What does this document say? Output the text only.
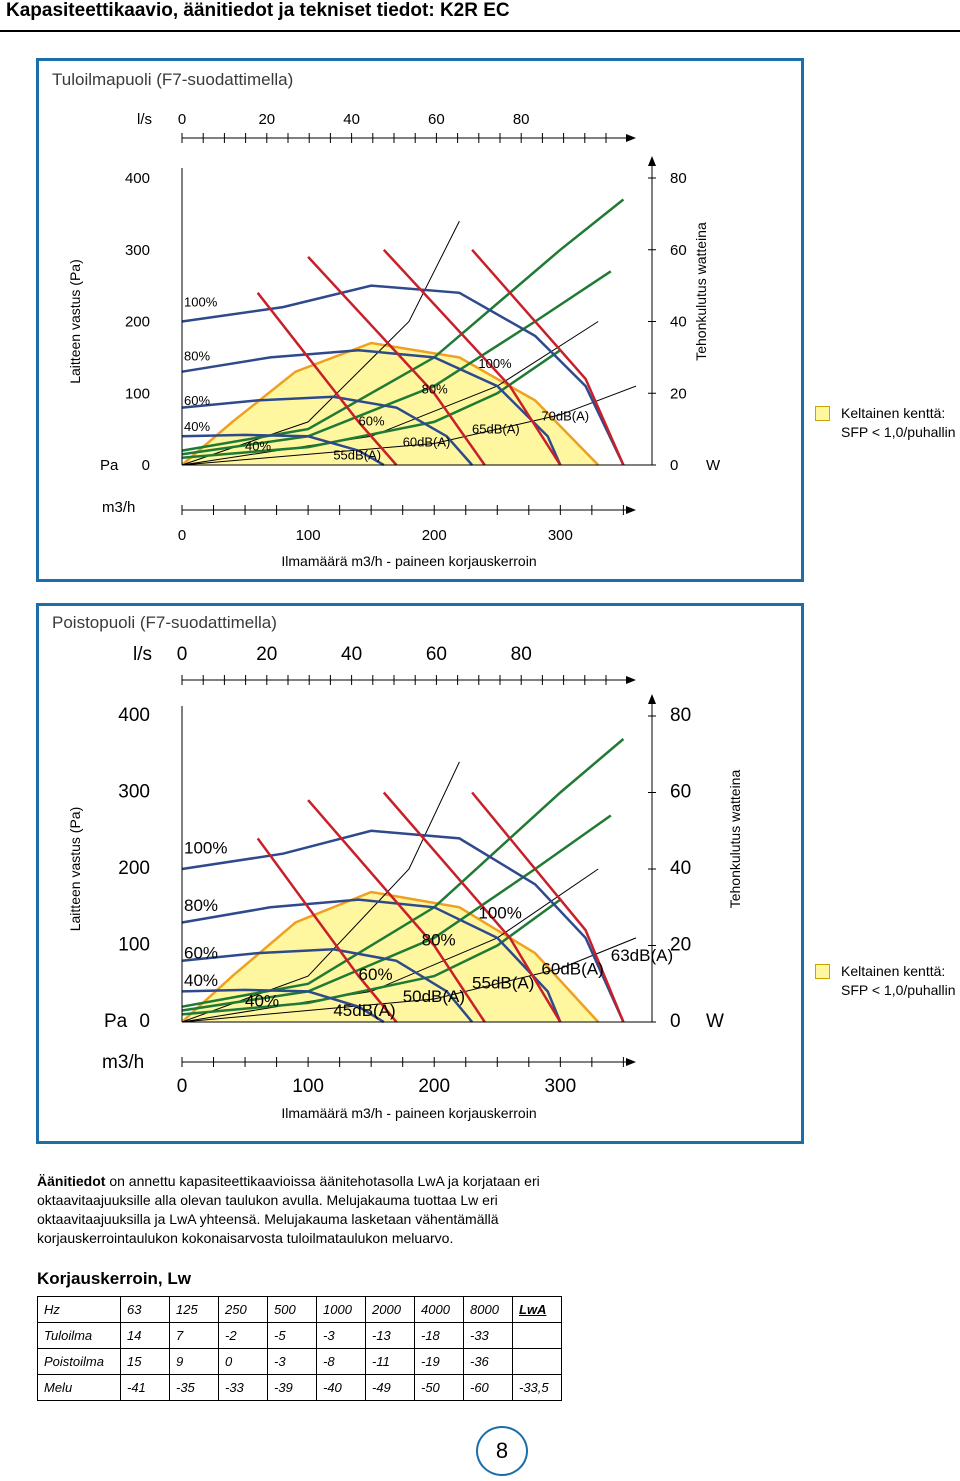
Kapasiteettikaavio, äänitiedot ja tekniset tiedot: K2R EC
Tuloilmapuoli (F7-suodattimella)
0
100
200
300
400
Pa
Laitteen vastus (Pa)
0
20
40
60
80
W
Tehonkulutus watteina
0	20	40	60	80
l/s
0	100	200	300
m3/h
Ilmamäärä m3/h - paineen korjauskerroin
100%
80%
60%
40%
40%
60%
80%
100%
55dB(A)
60dB(A)
65dB(A)
70dB(A)	Keltainen kenttä:
SFP < 1,0/puhallin
Poistopuoli (F7-suodattimella)
0
100
200
300
400
Pa
Laitteen vastus (Pa)
0
20
40
60
80
W
Tehonkulutus watteina
0	20	40	60	80
l/s
0	100	200	300
m3/h
Ilmamäärä m3/h - paineen korjauskerroin
100%
80%
60%
40%
40%
60%
80%
100%
45dB(A)
50dB(A)
55dB(A)
60dB(A)
63dB(A)
Keltainen kenttä:
SFP < 1,0/puhallin
Äänitiedot on annettu kapasiteettikaavioissa äänitehotasolla LwA ja korjataan eri oktaavitaajuuksille alla olevan taulukon avulla. Melujakauma tuottaa Lw eri oktaavitaajuuksilla ja LwA yhteensä. Melujakauma lasketaan vähentämällä korjauskerrointaulukon kokonaisarvosta tuloilmataulukon meluarvo.
Korjauskerroin, Lw
Hz	63	125	250	500	1000	2000	4000	8000	LwA
Tuloilma	14	7	-2	-5	-3	-13	-18	-33	
Poistoilma	15	9	0	-3	-8	-11	-19	-36	
Melu	-41	-35	-33	-39	-40	-49	-50	-60	-33,5
8
